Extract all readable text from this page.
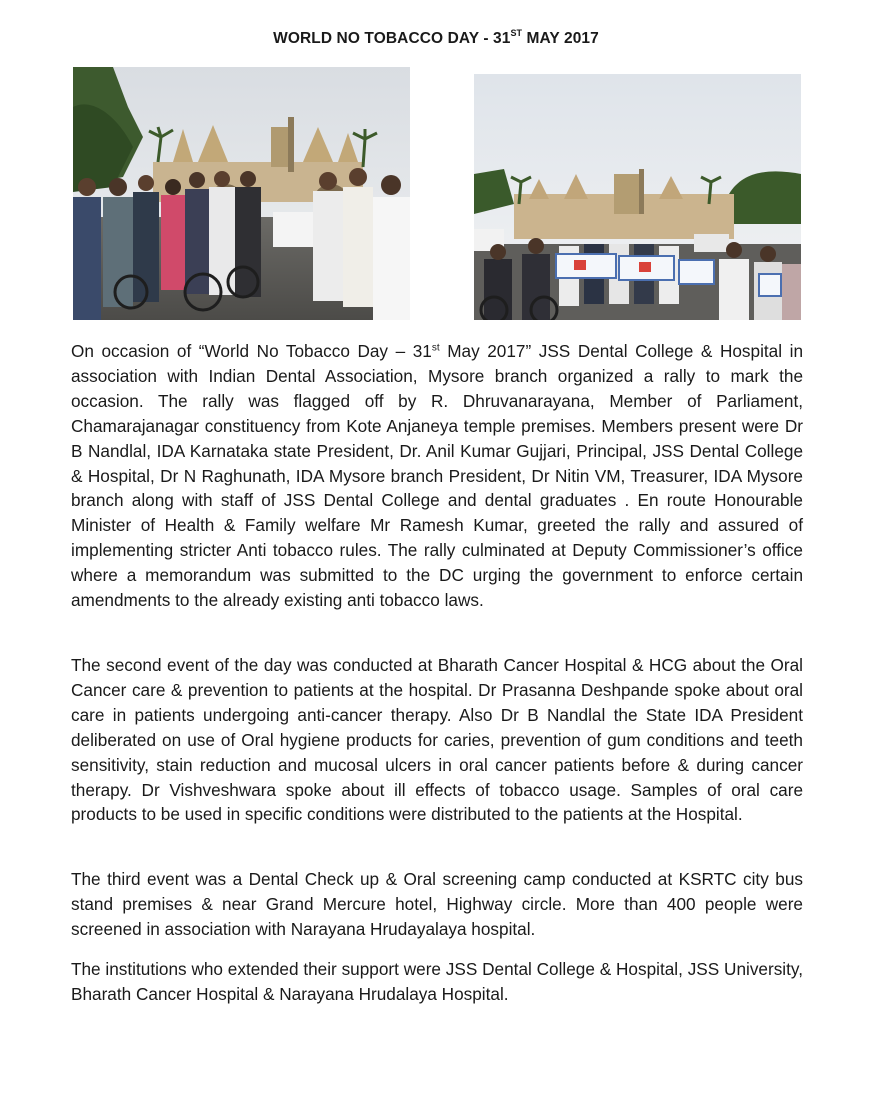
WORLD NO TOBACCO DAY - 31ST MAY 2017

On occasion of “World No Tobacco Day – 31st May 2017” JSS Dental College & Hospital in association with Indian Dental Association, Mysore branch organized a rally to mark the occasion. The rally was flagged off by R. Dhruvanarayana, Member of Parliament, Chamarajanagar constituency from Kote Anjaneya temple premises. Members present were Dr B Nandlal, IDA Karnataka state President, Dr. Anil Kumar Gujjari, Principal, JSS Dental College & Hospital, Dr N Raghunath, IDA Mysore branch President, Dr Nitin VM, Treasurer, IDA Mysore branch along with staff of JSS Dental College and dental graduates . En route Honourable Minister of Health & Family welfare Mr Ramesh Kumar, greeted the rally and assured of implementing stricter Anti tobacco rules. The rally culminated at Deputy Commissioner’s office where a memorandum was submitted to the DC urging the government to enforce certain amendments to the already existing anti tobacco laws.

The second event of the day was conducted at Bharath Cancer Hospital & HCG about the Oral Cancer care & prevention to patients at the hospital. Dr Prasanna Deshpande spoke about oral care in patients undergoing anti-cancer therapy. Also Dr B Nandlal the State IDA President deliberated on use of Oral hygiene products for caries, prevention of gum conditions and teeth sensitivity, stain reduction and mucosal ulcers in oral cancer patients before & during cancer therapy. Dr Vishveshwara spoke about ill effects of tobacco usage. Samples of oral care products to be used in specific conditions were distributed to the patients at the Hospital.

The third event was a Dental Check up & Oral screening camp conducted at KSRTC city bus stand premises & near Grand Mercure hotel, Highway circle. More than 400 people were screened in association with Narayana Hrudayalaya hospital.

The institutions who extended their support were JSS Dental College & Hospital, JSS University, Bharath Cancer Hospital & Narayana Hrudalaya Hospital.
